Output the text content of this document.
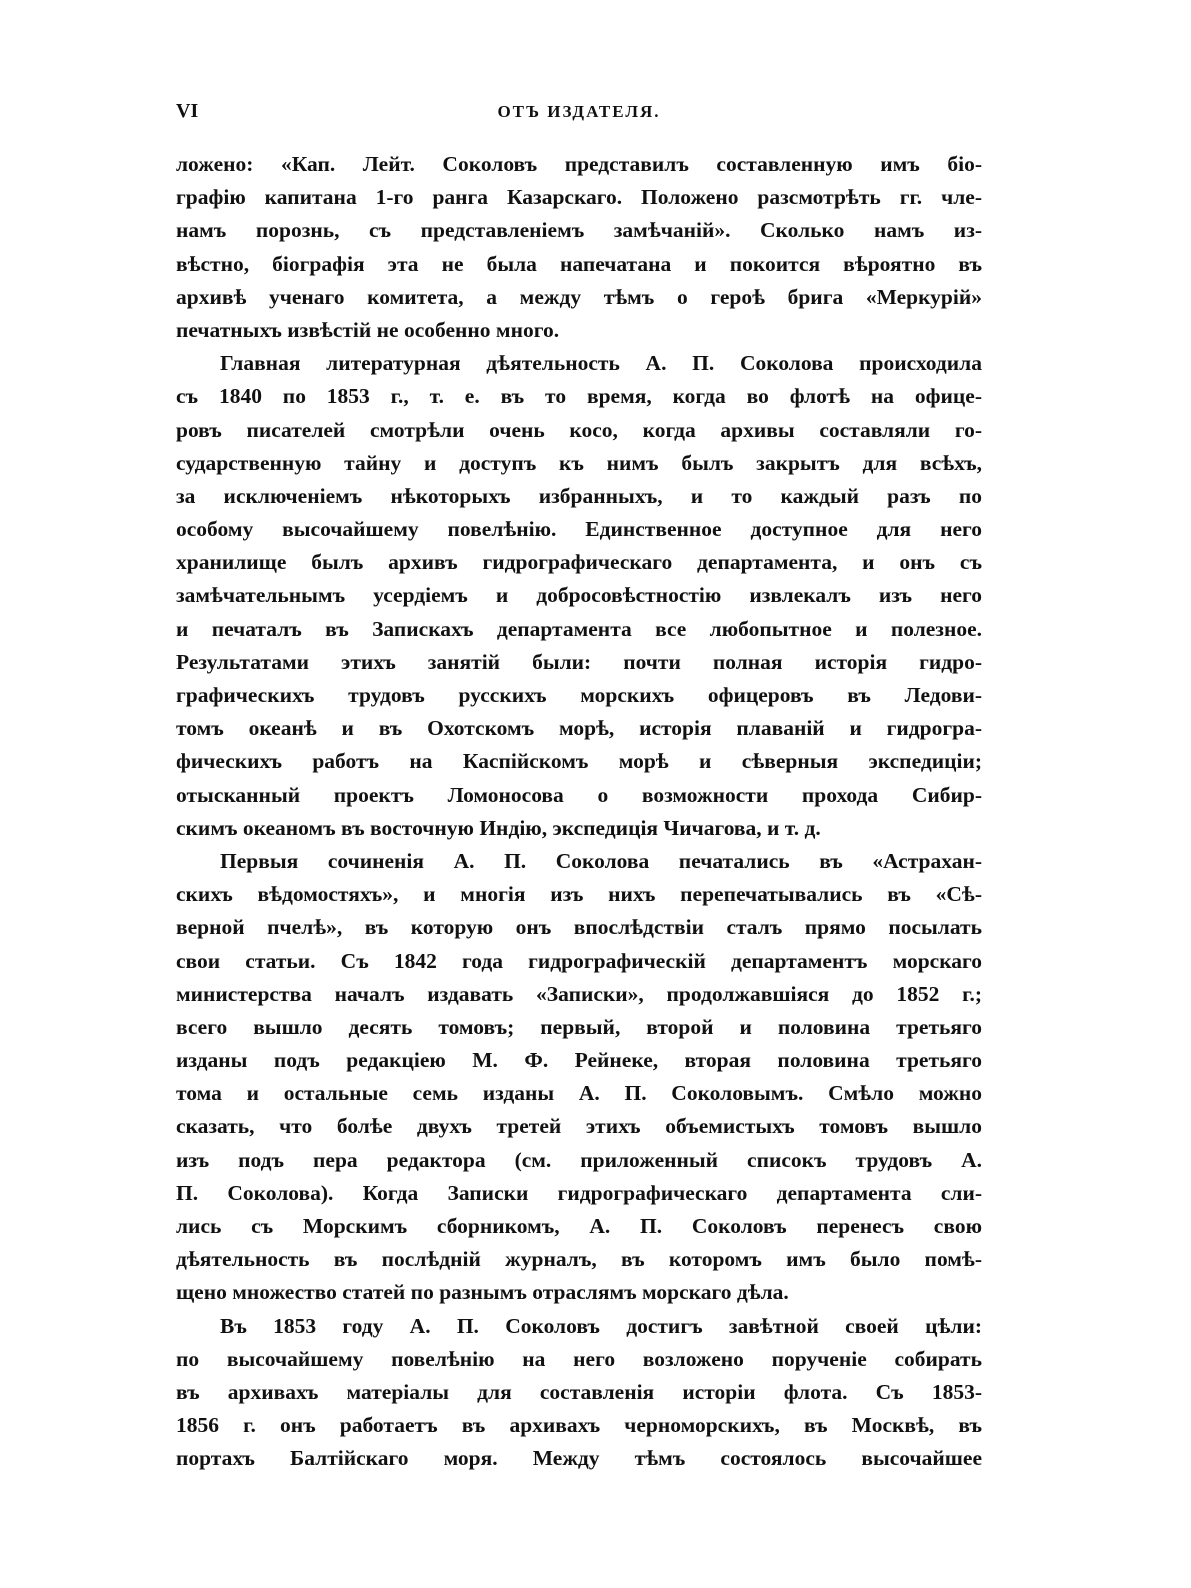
VI	ОТЪ ИЗДАТЕЛЯ.
ложено: «Кап. Лейт. Соколовъ представилъ составленную имъ біо-
графію капитана 1-го ранга Казарскаго. Положено разсмотрѣть гг. чле-
намъ порознь, съ представленіемъ замѣчаній». Сколько намъ из-
вѣстно, біографія эта не была напечатана и покоится вѣроятно въ
архивѣ ученаго комитета, а между тѣмъ о героѣ брига «Меркурій»
печатныхъ извѣстій не особенно много.
Главная литературная дѣятельность А. П. Соколова происходила
съ 1840 по 1853 г., т. е. въ то время, когда во флотѣ на офице-
ровъ писателей смотрѣли очень косо, когда архивы составляли го-
сударственную тайну и доступъ къ нимъ былъ закрытъ для всѣхъ,
за исключеніемъ нѣкоторыхъ избранныхъ, и то каждый разъ по
особому высочайшему повелѣнію. Единственное доступное для него
хранилище былъ архивъ гидрографическаго департамента, и онъ съ
замѣчательнымъ усердіемъ и добросовѣстностію извлекалъ изъ него
и печаталъ въ Запискахъ департамента все любопытное и полезное.
Результатами этихъ занятій были: почти полная исторія гидро-
графическихъ трудовъ русскихъ морскихъ офицеровъ въ Ледови-
томъ океанѣ и въ Охотскомъ морѣ, исторія плаваній и гидрогра-
фическихъ работъ на Каспійскомъ морѣ и сѣверныя экспедиціи;
отысканный проектъ Ломоносова о возможности прохода Сибир-
скимъ океаномъ въ восточную Индію, экспедиція Чичагова, и т. д.
Первыя сочиненія А. П. Соколова печатались въ «Астрахан-
скихъ вѣдомостяхъ», и многія изъ нихъ перепечатывались въ «Сѣ-
верной пчелѣ», въ которую онъ впослѣдствіи сталъ прямо посылать
свои статьи. Съ 1842 года гидрографическій департаментъ морскаго
министерства началъ издавать «Записки», продолжавшіяся до 1852 г.;
всего вышло десять томовъ; первый, второй и половина третьяго
изданы подъ редакціею М. Ф. Рейнеке, вторая половина третьяго
тома и остальные семь изданы А. П. Соколовымъ. Смѣло можно
сказать, что болѣе двухъ третей этихъ объемистыхъ томовъ вышло
изъ подъ пера редактора (см. приложенный списокъ трудовъ А.
П. Соколова). Когда Записки гидрографическаго департамента сли-
лись съ Морскимъ сборникомъ, А. П. Соколовъ перенесъ свою
дѣятельность въ послѣдній журналъ, въ которомъ имъ было помѣ-
щено множество статей по разнымъ отраслямъ морскаго дѣла.
Въ 1853 году А. П. Соколовъ достигъ завѣтной своей цѣли:
по высочайшему повелѣнію на него возложено порученіе собирать
въ архивахъ матеріалы для составленія исторіи флота. Съ 1853-
1856 г. онъ работаетъ въ архивахъ черноморскихъ, въ Москвѣ, въ
портахъ Балтійскаго моря. Между тѣмъ состоялось высочайшее
